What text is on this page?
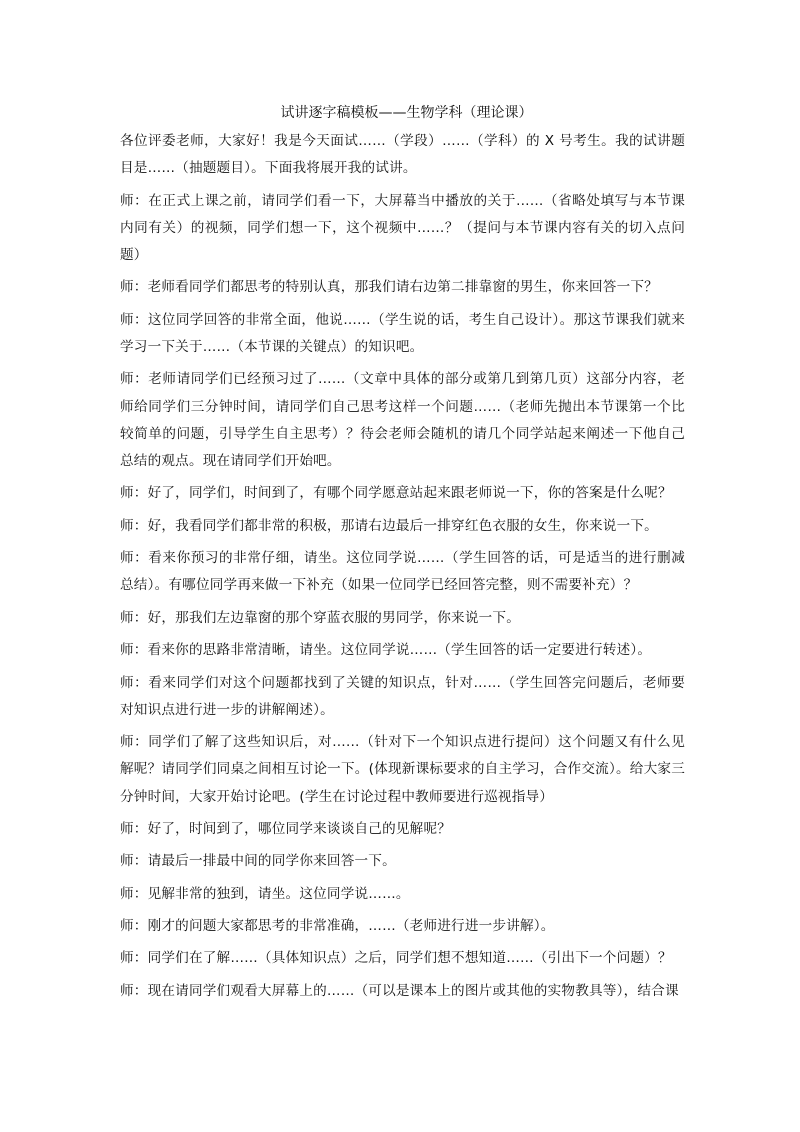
试讲逐字稿模板——生物学科（理论课）

各位评委老师，大家好！我是今天面试……（学段）……（学科）的 X 号考生。我的试讲题目是……（抽题题目）。下面我将展开我的试讲。

师：在正式上课之前，请同学们看一下，大屏幕当中播放的关于……（省略处填写与本节课内同有关）的视频，同学们想一下，这个视频中……？（提问与本节课内容有关的切入点问题）

师：老师看同学们都思考的特别认真，那我们请右边第二排靠窗的男生，你来回答一下？

师：这位同学回答的非常全面，他说……（学生说的话，考生自己设计）。那这节课我们就来学习一下关于……（本节课的关键点）的知识吧。

师：老师请同学们已经预习过了……（文章中具体的部分或第几到第几页）这部分内容，老师给同学们三分钟时间，请同学们自己思考这样一个问题……（老师先抛出本节课第一个比较简单的问题，引导学生自主思考）？待会老师会随机的请几个同学站起来阐述一下他自己总结的观点。现在请同学们开始吧。

师：好了，同学们，时间到了，有哪个同学愿意站起来跟老师说一下，你的答案是什么呢？

师：好，我看同学们都非常的积极，那请右边最后一排穿红色衣服的女生，你来说一下。

师：看来你预习的非常仔细，请坐。这位同学说……（学生回答的话，可是适当的进行删减总结）。有哪位同学再来做一下补充（如果一位同学已经回答完整，则不需要补充）？

师：好，那我们左边靠窗的那个穿蓝衣服的男同学，你来说一下。

师：看来你的思路非常清晰，请坐。这位同学说……（学生回答的话一定要进行转述）。

师：看来同学们对这个问题都找到了关键的知识点，针对……（学生回答完问题后，老师要对知识点进行进一步的讲解阐述）。

师：同学们了解了这些知识后，对……（针对下一个知识点进行提问）这个问题又有什么见解呢？请同学们同桌之间相互讨论一下。(体现新课标要求的自主学习，合作交流）。给大家三分钟时间，大家开始讨论吧。(学生在讨论过程中教师要进行巡视指导）

师：好了，时间到了，哪位同学来谈谈自己的见解呢？

师：请最后一排最中间的同学你来回答一下。

师：见解非常的独到，请坐。这位同学说……。

师：刚才的问题大家都思考的非常准确，……（老师进行进一步讲解）。

师：同学们在了解……（具体知识点）之后，同学们想不想知道……（引出下一个问题）？

师：现在请同学们观看大屏幕上的……（可以是课本上的图片或其他的实物教具等），结合课
